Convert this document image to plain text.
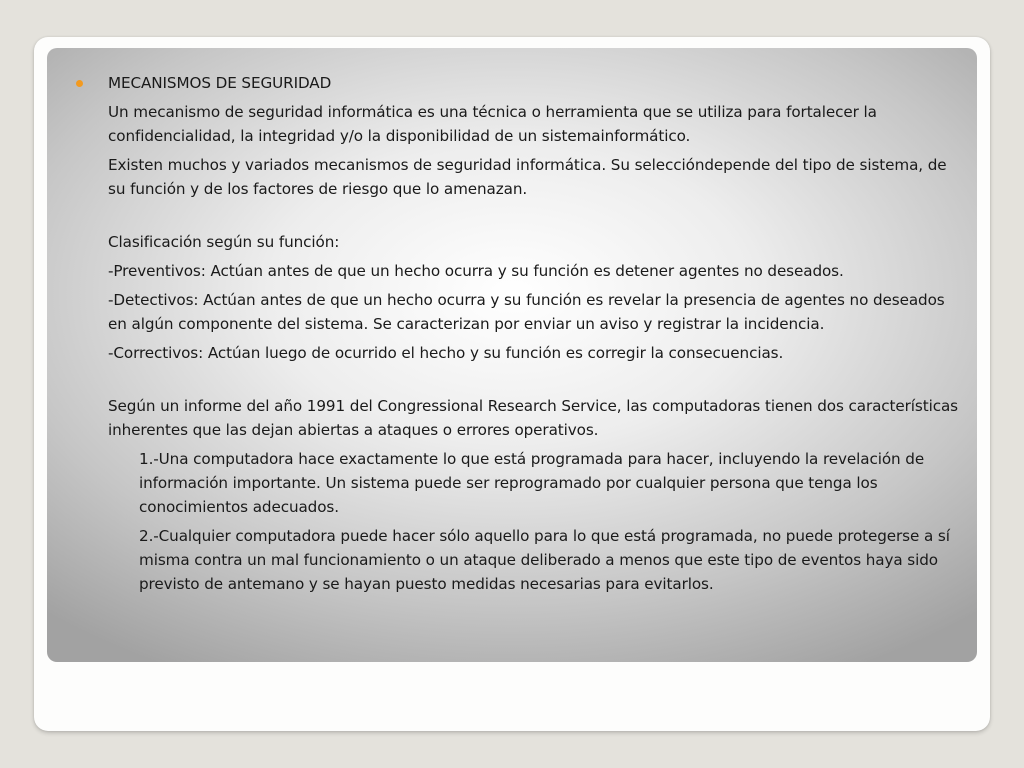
MECANISMOS DE SEGURIDAD

Un mecanismo de seguridad informática es una técnica o herramienta que se utiliza para fortalecer la confidencialidad, la integridad y/o la disponibilidad de un sistemainformático.

Existen muchos y variados mecanismos de seguridad informática. Su seleccióndepende del tipo de sistema, de su función y de los factores de riesgo que lo amenazan.

Clasificación según su función:

-Preventivos: Actúan antes de que un hecho ocurra y su función es detener agentes no deseados.

-Detectivos: Actúan antes de que un hecho ocurra y su función es revelar la presencia de agentes no deseados en algún componente del sistema. Se caracterizan por enviar un aviso y registrar la incidencia.

-Correctivos: Actúan luego de ocurrido el hecho y su función es corregir la consecuencias.

Según un informe del año 1991 del Congressional Research Service, las computadoras tienen dos características inherentes que las dejan abiertas a ataques o errores operativos.

1.-Una computadora hace exactamente lo que está programada para hacer, incluyendo la revelación de información importante. Un sistema puede ser reprogramado por cualquier persona que tenga los conocimientos adecuados.

2.-Cualquier computadora puede hacer sólo aquello para lo que está programada, no puede protegerse a sí misma contra un mal funcionamiento o un ataque deliberado a menos que este tipo de eventos haya sido previsto de antemano y se hayan puesto medidas necesarias para evitarlos.
